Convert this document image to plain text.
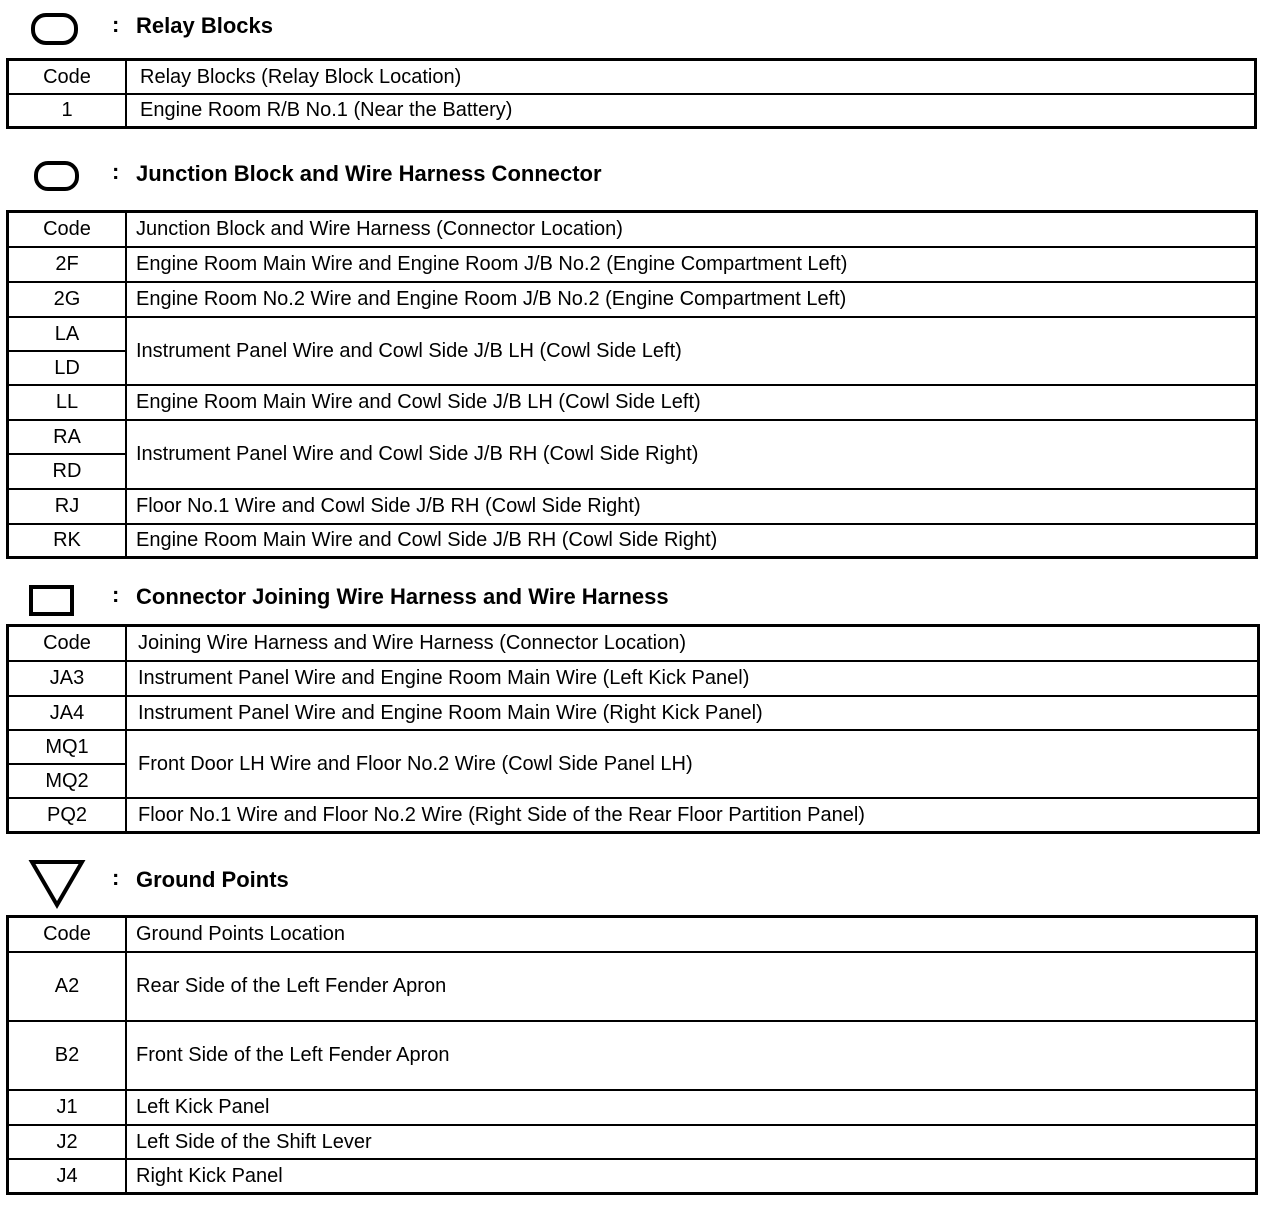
: Relay Blocks
Code	Relay Blocks (Relay Block Location)
1	Engine Room R/B No.1 (Near the Battery)
: Junction Block and Wire Harness Connector
Code	Junction Block and Wire Harness (Connector Location)
2F	Engine Room Main Wire and Engine Room J/B No.2 (Engine Compartment Left)
2G	Engine Room No.2 Wire and Engine Room J/B No.2 (Engine Compartment Left)
LA	Instrument Panel Wire and Cowl Side J/B LH (Cowl Side Left)
LD	
LL	Engine Room Main Wire and Cowl Side J/B LH (Cowl Side Left)
RA	Instrument Panel Wire and Cowl Side J/B RH (Cowl Side Right)
RD	
RJ	Floor No.1 Wire and Cowl Side J/B RH (Cowl Side Right)
RK	Engine Room Main Wire and Cowl Side J/B RH (Cowl Side Right)
: Connector Joining Wire Harness and Wire Harness
Code	Joining Wire Harness and Wire Harness (Connector Location)
JA3	Instrument Panel Wire and Engine Room Main Wire (Left Kick Panel)
JA4	Instrument Panel Wire and Engine Room Main Wire (Right Kick Panel)
MQ1	Front Door LH Wire and Floor No.2 Wire (Cowl Side Panel LH)
MQ2	
PQ2	Floor No.1 Wire and Floor No.2 Wire (Right Side of the Rear Floor Partition Panel)
: Ground Points
Code	Ground Points Location
A2	Rear Side of the Left Fender Apron
B2	Front Side of the Left Fender Apron
J1	Left Kick Panel
J2	Left Side of the Shift Lever
J4	Right Kick Panel
